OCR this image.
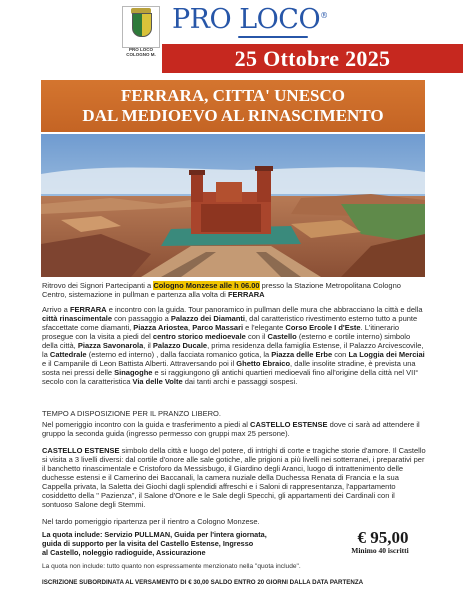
PRO LOCO COLOGNO M.
PRO LOCO®
25 Ottobre 2025
FERRARA, CITTA' UNESCO
DAL MEDIOEVO AL RINASCIMENTO
Ritrovo dei Signori Partecipanti a Cologno Monzese alle h 06.00 presso la Stazione Metropolitana Cologno Centro, sistemazione in pullman e partenza alla volta di FERRARA
Arrivo a FERRARA e incontro con la guida. Tour panoramico in pullman delle mura che abbracciano la città e della città rinascimentale con passaggio a Palazzo dei Diamanti, dal caratteristico rivestimento esterno tutto a punte sfaccettate come diamanti, Piazza Ariostea, Parco Massari e l'elegante Corso Ercole I d'Este. L'itinerario prosegue con la visita a piedi del centro storico medioevale con il Castello (esterno e cortile interno) simbolo della città, Piazza Savonarola, il Palazzo Ducale, prima residenza della famiglia Estense, il Palazzo Arcivescovile, la Cattedrale (esterno ed interno) , dalla facciata romanico gotica, la Piazza delle Erbe con La Loggia dei Merciai e il Campanile di Leon Battista Alberti. Attraversando poi il Ghetto Ebraico, dalle insolite stradine, è prevista una sosta nei pressi delle Sinagoghe e si raggiungono gli antichi quartieri medioevali fino all'origine della città nel VII° secolo con la caratteristica Via delle Volte dai tanti archi e passaggi sospesi.
TEMPO A DISPOSIZIONE PER IL PRANZO LIBERO.
Nel pomeriggio incontro con la guida e trasferimento a piedi al CASTELLO ESTENSE dove ci sarà ad attendere il gruppo la seconda guida (ingresso permesso con gruppi max 25 persone).
CASTELLO ESTENSE simbolo della città e luogo del potere, di intrighi di corte e tragiche storie d'amore. Il Castello si visita a 3 livelli diversi: dal cortile d'onore alle sale gotiche, alle prigioni a più livelli nei sotterranei, i preparativi per il banchetto rinascimentale e Cristoforo da Messisbugo, il Giardino degli Aranci, luogo di intrattenimento delle duchesse estensi e il Camerino dei Baccanali, la camera nuziale della Duchessa Renata di Francia e la sua Cappella privata, la Saletta dei Giochi dagli splendidi affreschi e i Saloni di rappresentanza, l'appartamento cosiddetto della " Pazienza", il Salone d'Onore e le Sale degli Specchi, gli appartamenti dei Cardinali con il sontuoso Salone degli Stemmi.
Nel tardo pomeriggio ripartenza per il rientro a Cologno Monzese.
La quota include: Servizio PULLMAN, Guida per l'intera giornata,
guida di supporto per la visita del Castello Estense, Ingresso
al Castello, noleggio radioguide, Assicurazione
La quota non include: tutto quanto non espressamente menzionato nella "quota include".
€ 95,00
Minimo 40 iscritti
ISCRIZIONE SUBORDINATA AL VERSAMENTO DI € 30,00 SALDO ENTRO 20 GIORNI DALLA DATA PARTENZA
